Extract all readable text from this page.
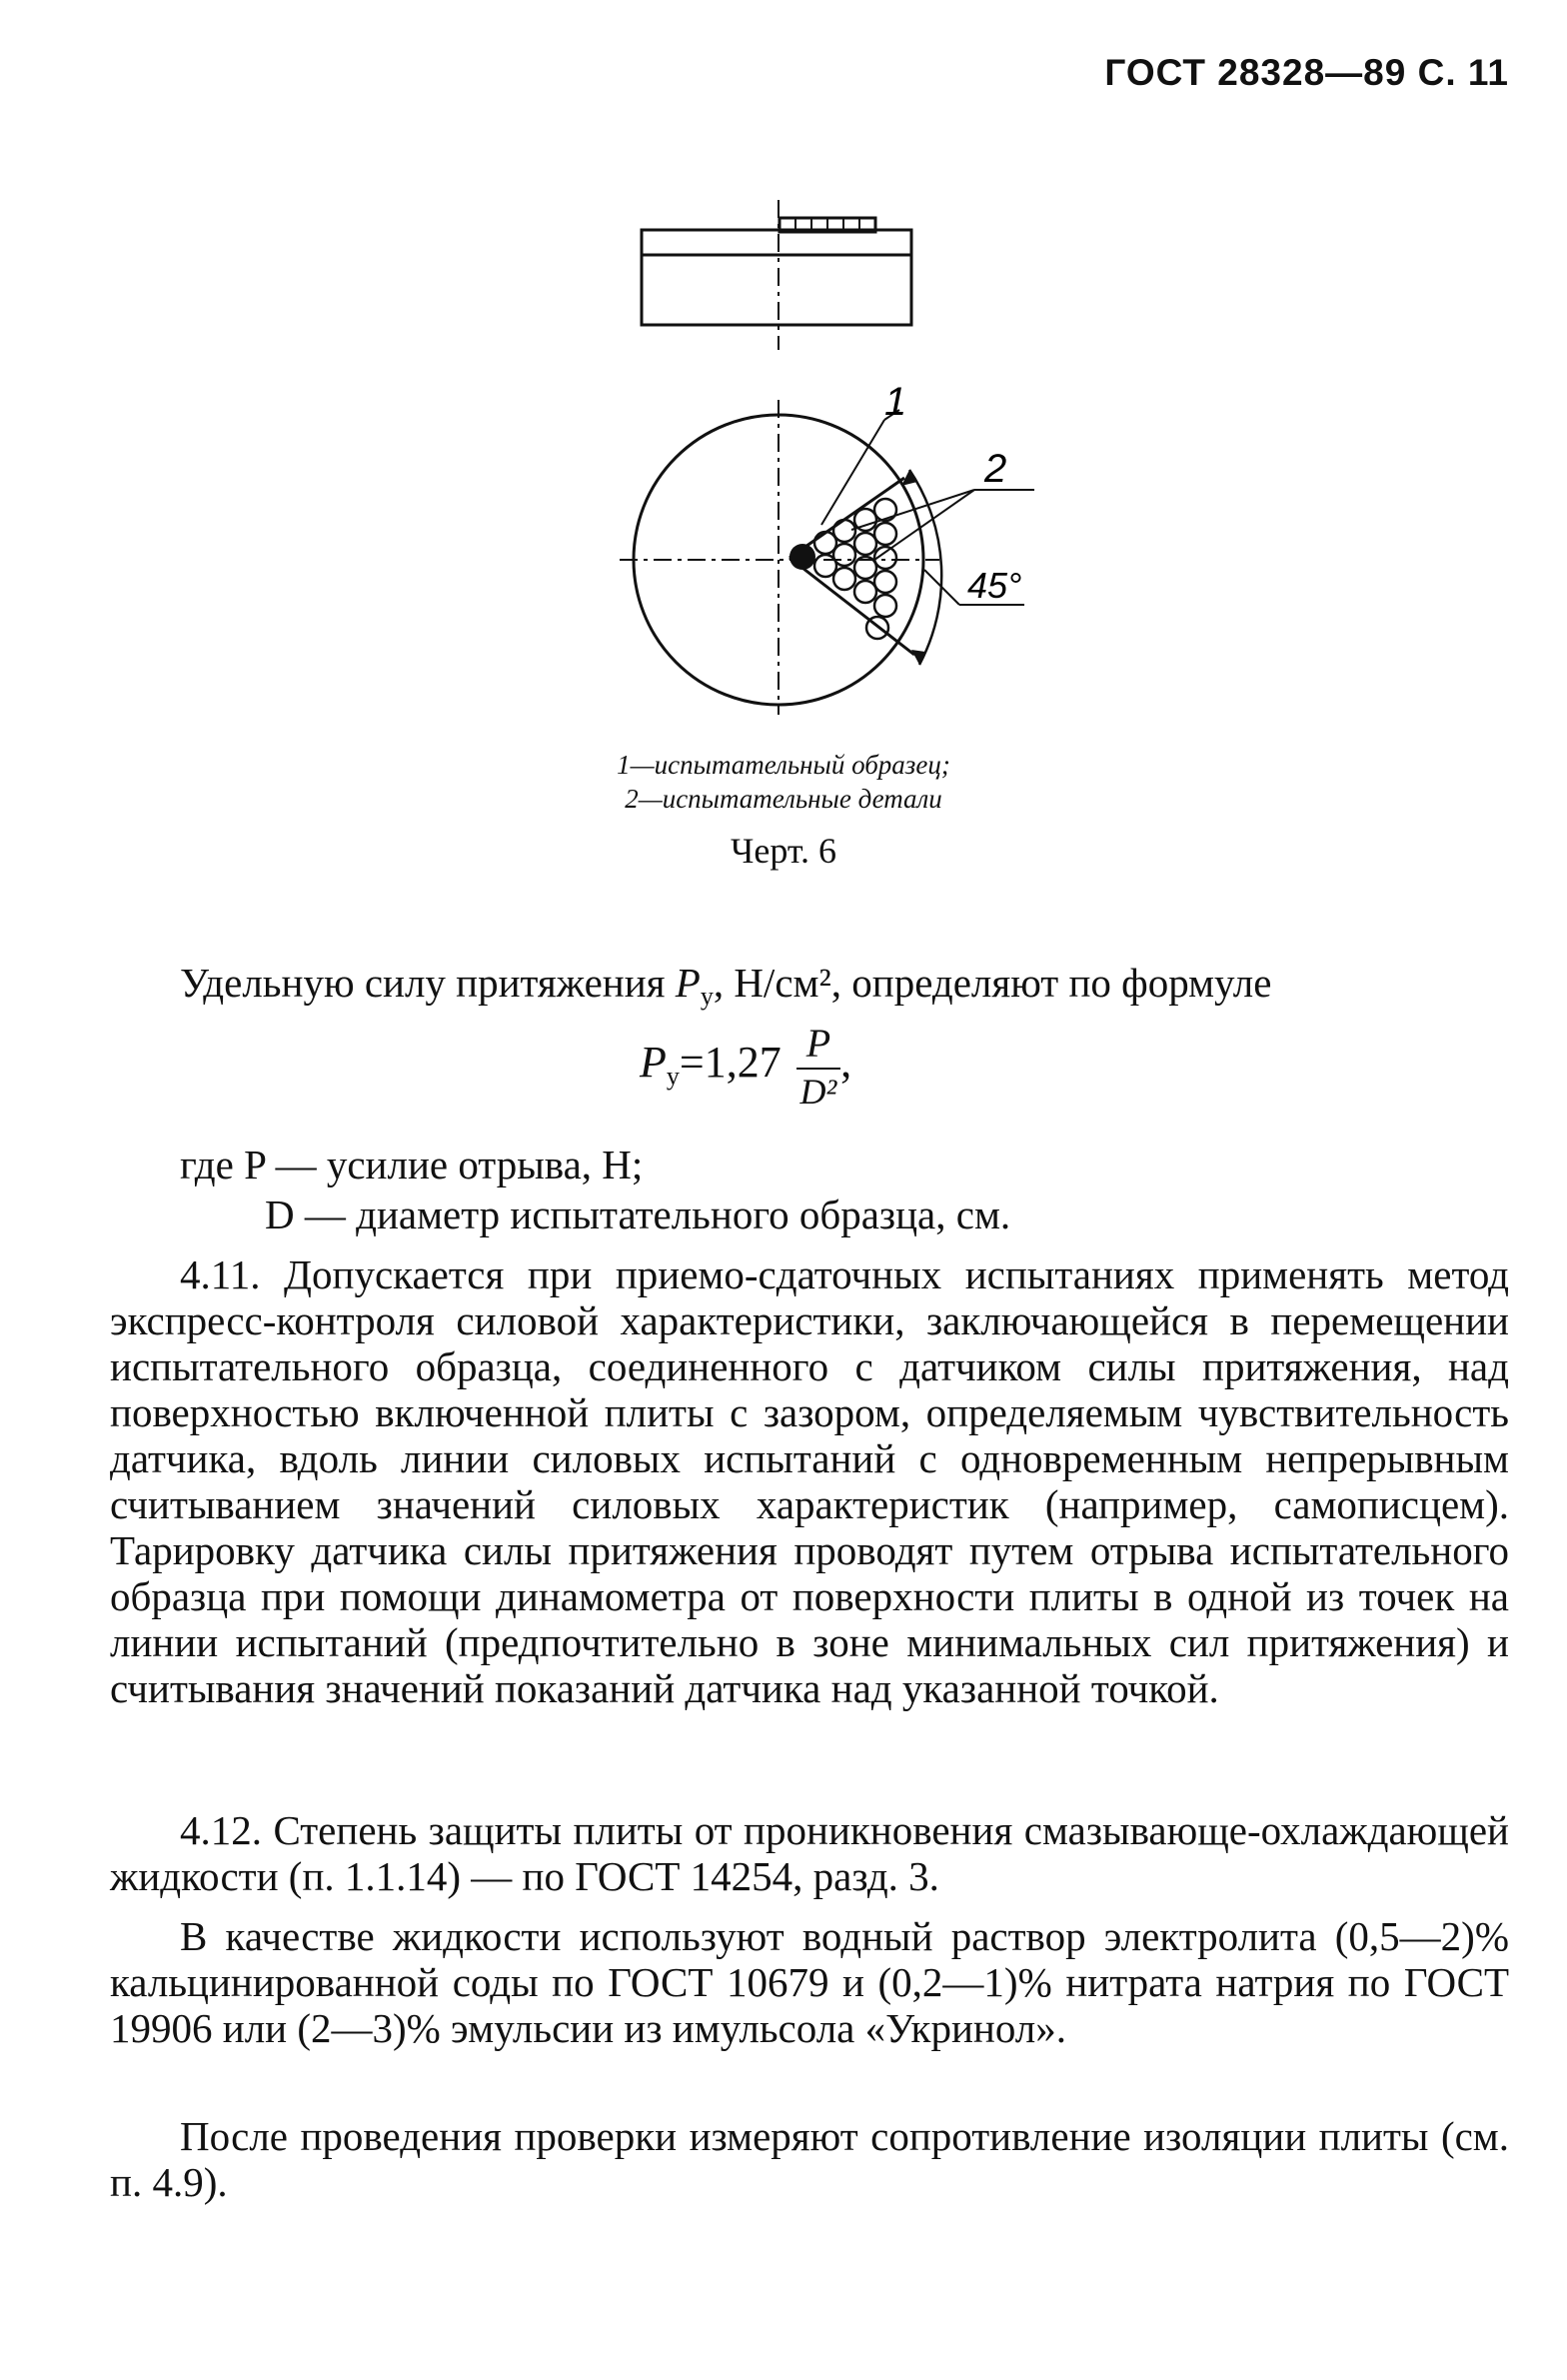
ГОСТ 28328—89 С. 11
1
2
45°
1—испытательный образец;
2—испытательные детали
Черт. 6
Удельную силу притяжения $P_у$, Н/см², определяют по формуле
$P_у=1,27 \frac{P}{\text{D²}}$ ,
где P — усилие отрыва, Н;
D — диаметр испытательного образца, см.
4.11. Допускается при приемо-сдаточных испытаниях применять метод экспресс-контроля силовой характеристики, заключающейся в перемещении испытательного образца, соединенного с датчиком силы притяжения, над поверхностью включенной плиты с зазором, определяемым чувствительность датчика, вдоль линии силовых испытаний с одновременным непрерывным считыванием значений силовых характеристик (например, самописцем). Тарировку датчика силы притяжения проводят путем отрыва испытательного образца при помощи динамометра от поверхности плиты в одной из точек на линии испытаний (предпочтительно в зоне минимальных сил притяжения) и считывания значений показаний датчика над указанной точкой.
4.12. Степень защиты плиты от проникновения смазывающе-охлаждающей жидкости (п. 1.1.14) — по ГОСТ 14254, разд. 3.
В качестве жидкости используют водный раствор электролита (0,5—2)% кальцинированной соды по ГОСТ 10679 и (0,2—1)% нитрата натрия по ГОСТ 19906 или (2—3)% эмульсии из имульсола «Укринол».
После проведения проверки измеряют сопротивление изоляции плиты (см. п. 4.9).
